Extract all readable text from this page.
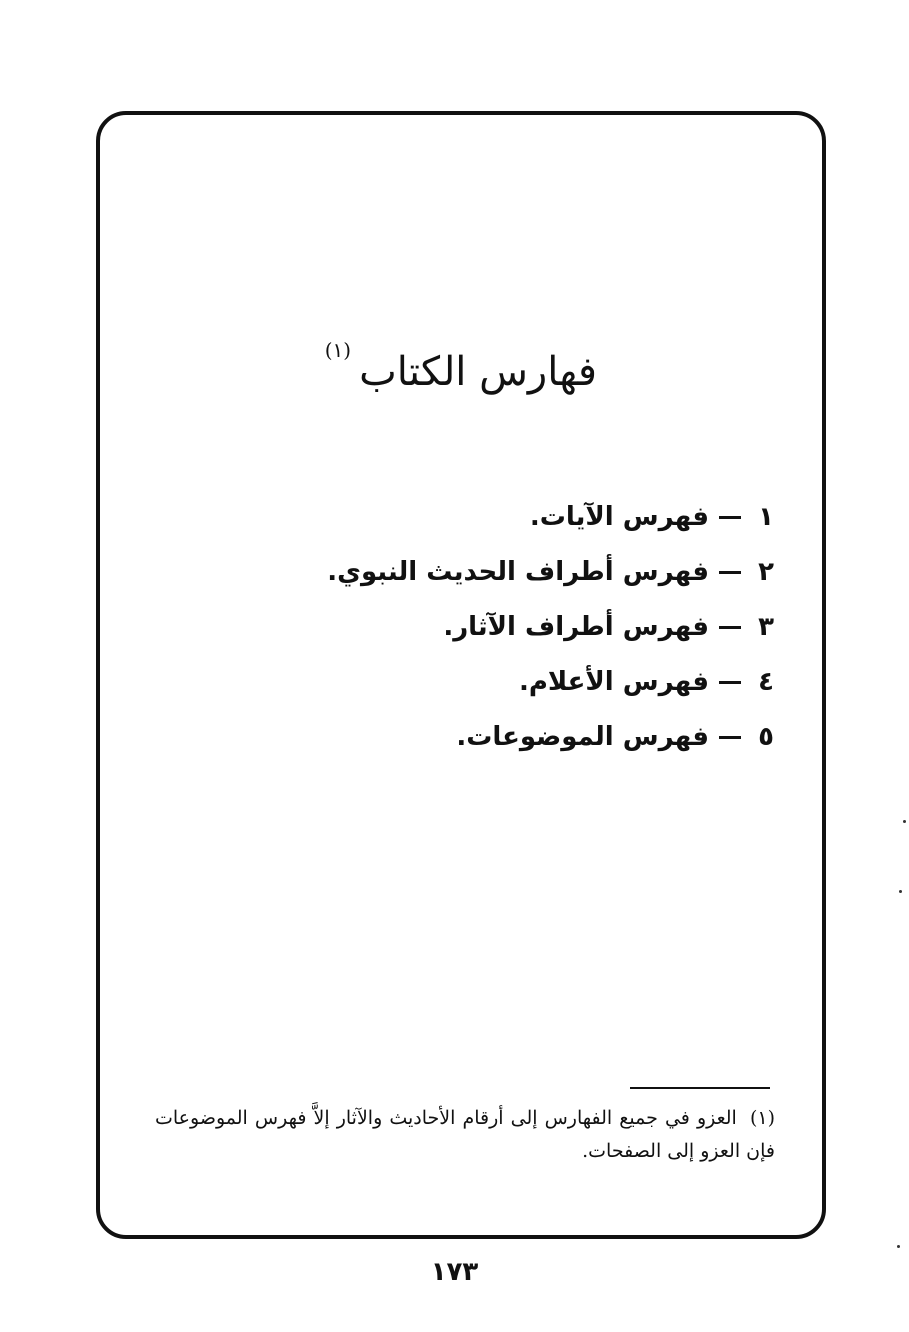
فهارس الكتاب(١)
١
فهرس الآيات.
٢
فهرس أطراف الحديث النبوي.
٣
فهرس أطراف الآثار.
٤
فهرس الأعلام.
٥
فهرس الموضوعات.
(١) العزو في جميع الفهارس إلى أرقام الأحاديث والآثار إلاَّ فهرس الموضوعات فإن العزو إلى الصفحات.
١٧٣
